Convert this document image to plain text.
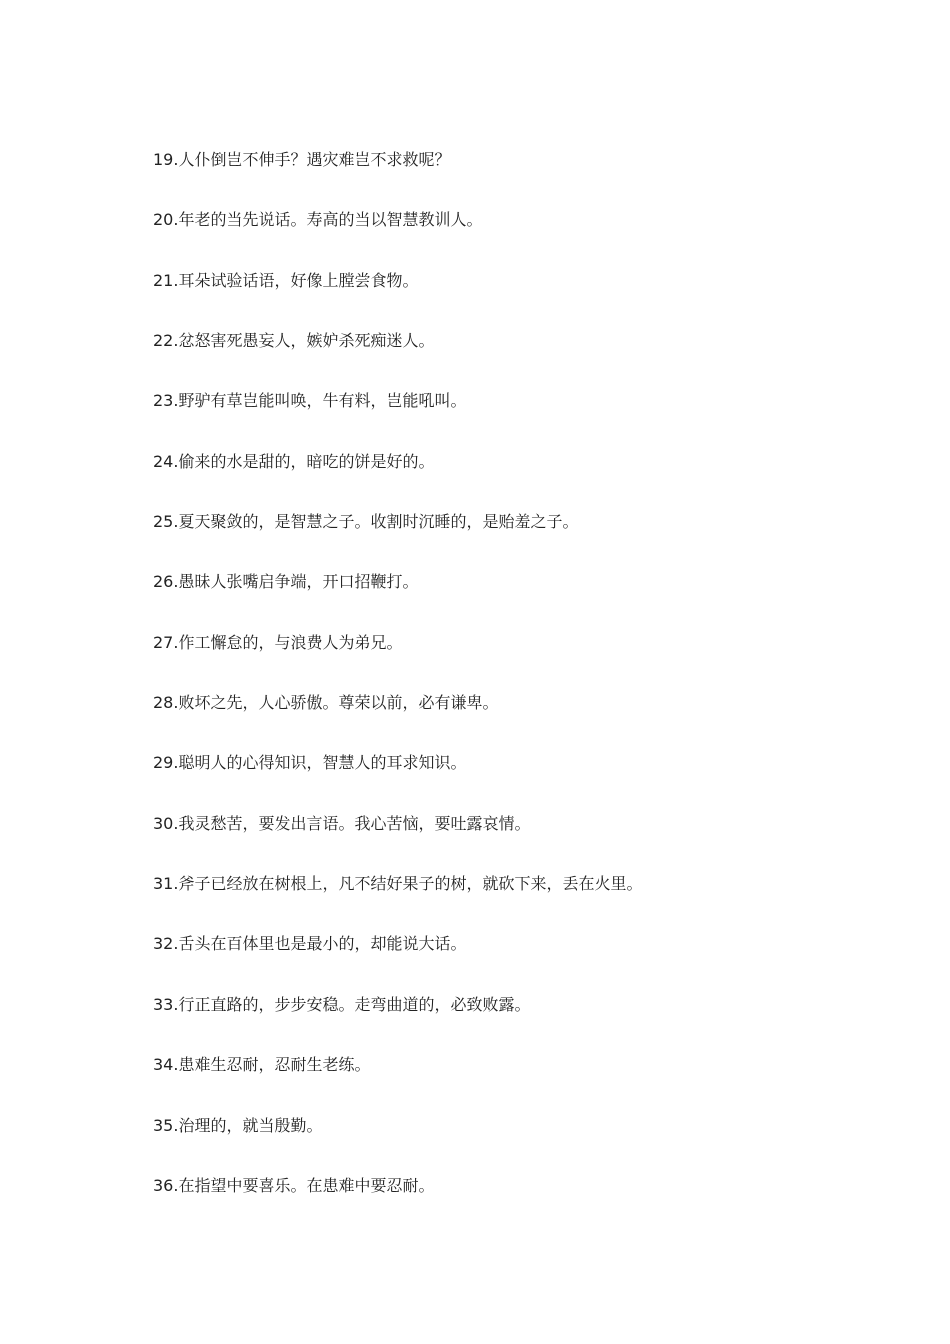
19.人仆倒岂不伸手？遇灾难岂不求救呢？
20.年老的当先说话。寿高的当以智慧教训人。
21.耳朵试验话语，好像上膛尝食物。
22.忿怒害死愚妄人，嫉妒杀死痴迷人。
23.野驴有草岂能叫唤，牛有料，岂能吼叫。
24.偷来的水是甜的，暗吃的饼是好的。
25.夏天聚敛的，是智慧之子。收割时沉睡的，是贻羞之子。
26.愚昧人张嘴启争端，开口招鞭打。
27.作工懈怠的，与浪费人为弟兄。
28.败坏之先，人心骄傲。尊荣以前，必有谦卑。
29.聪明人的心得知识，智慧人的耳求知识。
30.我灵愁苦，要发出言语。我心苦恼，要吐露哀情。
31.斧子已经放在树根上，凡不结好果子的树，就砍下来，丢在火里。
32.舌头在百体里也是最小的，却能说大话。
33.行正直路的，步步安稳。走弯曲道的，必致败露。
34.患难生忍耐，忍耐生老练。
35.治理的，就当殷勤。
36.在指望中要喜乐。在患难中要忍耐。
